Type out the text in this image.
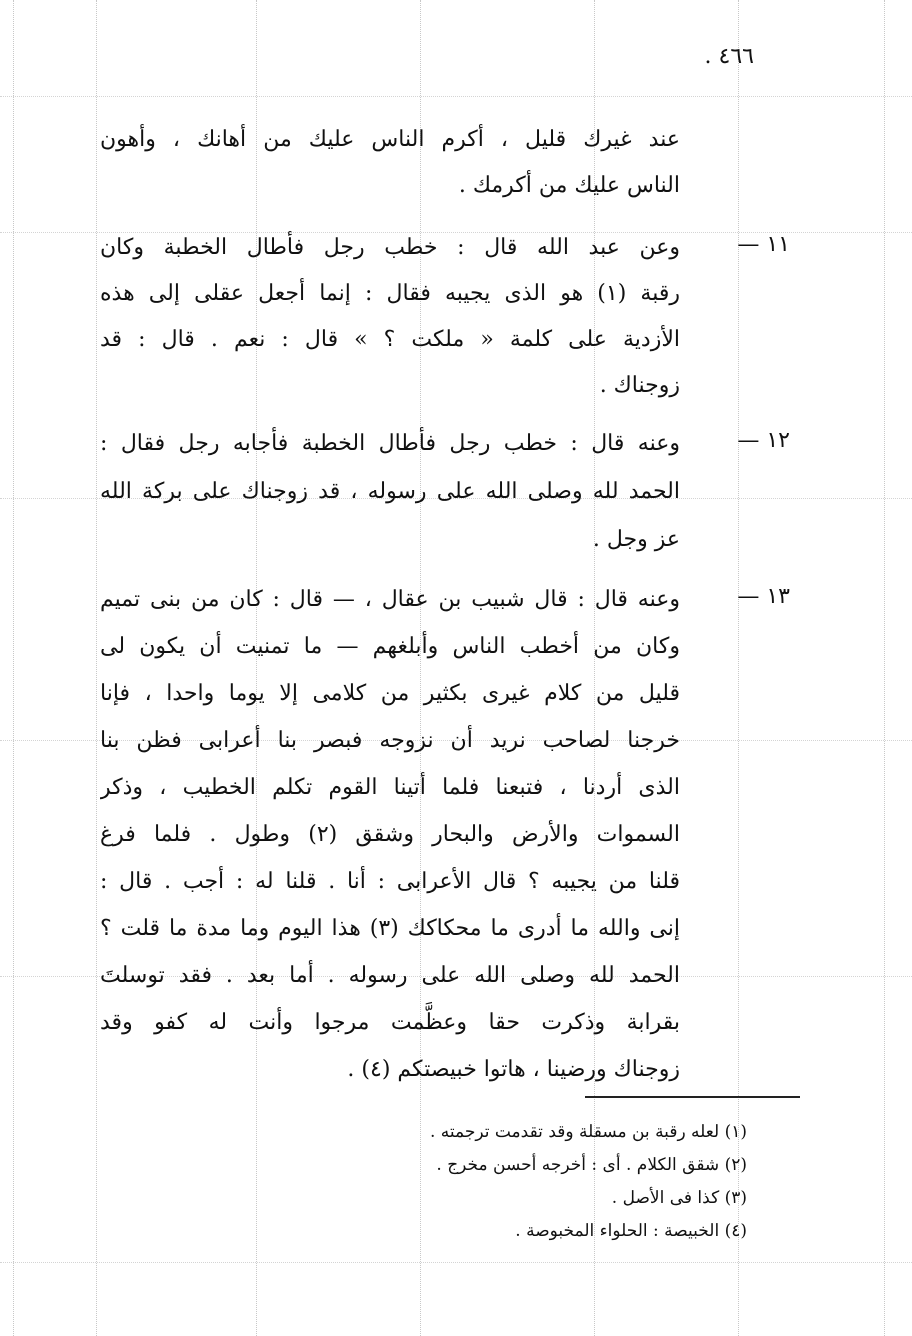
٤٦٦ .
عند غيرك قليل ، أكرم الناس عليك من أهانك ، وأهون
الناس عليك من أكرمك .
١١ —
وعن عبد الله قال : خطب رجل فأطال الخطبة وكان
رقبة (١) هو الذى يجيبه فقال : إنما أجعل عقلى إلى هذه
الأزدية على كلمة « ملكت ؟ » قال : نعم . قال : قد
زوجناك .
١٢ —
وعنه قال : خطب رجل فأطال الخطبة فأجابه رجل فقال :
الحمد لله وصلى الله على رسوله ، قد زوجناك على بركة الله
عز وجل .
١٣ —
وعنه قال : قال شبيب بن عقال ، — قال : كان من بنى تميم
وكان من أخطب الناس وأبلغهم — ما تمنيت أن يكون لى
قليل من كلام غيرى بكثير من كلامى إلا يوما واحدا ، فإنا
خرجنا لصاحب نريد أن نزوجه فبصر بنا أعرابى فظن بنا
الذى أردنا ، فتبعنا فلما أتينا القوم تكلم الخطيب ، وذكر
السموات والأرض والبحار وشقق (٢) وطول . فلما فرغ
قلنا من يجيبه ؟ قال الأعرابى : أنا . قلنا له : أجب . قال :
إنى والله ما أدرى ما محكاكك (٣) هذا اليوم وما مدة ما قلت ؟
الحمد لله وصلى الله على رسوله . أما بعد . فقد توسلتَ
بقرابة وذكرت حقا وعظَّمت مرجوا وأنت له كفو وقد
زوجناك ورضينا ، هاتوا خبيصتكم (٤) .
(١) لعله رقبة بن مسقلة وقد تقدمت ترجمته .
(٢) شقق الكلام . أى : أخرجه أحسن مخرج .
(٣) كذا فى الأصل .
(٤) الخبيصة : الحلواء المخبوصة .
